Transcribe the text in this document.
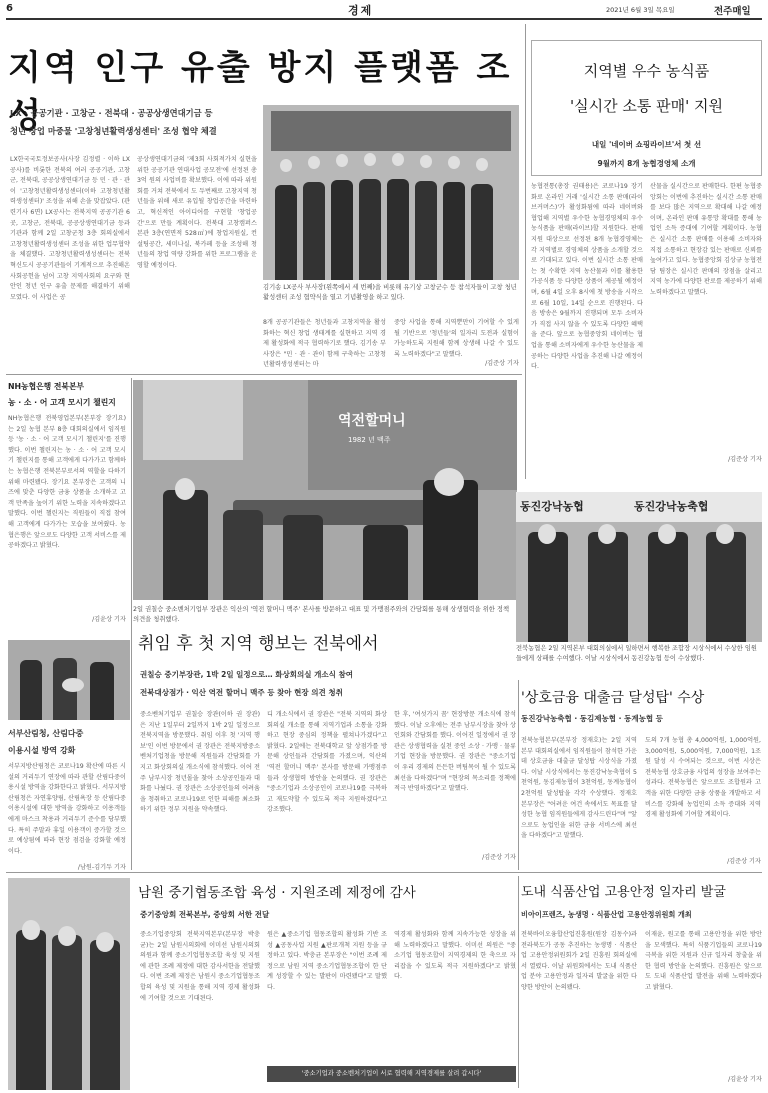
6	경제	2021년 6월 3일 목요일	전주매일
지역 인구 유출 방지 플랫폼 조성
LX · 공공기관 · 고창군 · 전북대 · 공공상생연대기금 등
청년 창업 마중물 '고창청년활력생성센터' 조성 협약 체결
LX한국국토정보공사(사장 김정렬 · 이하 LX공사)를 비롯한 전북의 여러 공공기관, 고창군, 전북대, 공공상생연대기금 등 민 · 관 · 관이 '고창청년활력생성센터(이하 고창청년활력생성센터)' 조성을 위해 손을 맞잡았다. (관련기사 6면) LX공사는 전북지역 공공기관 6곳, 고창군, 전북대, 공공상생연대기금 등과 기관과 함께 2일 고창군청 3층 회의실에서 고창청년활력생성센터 조성을 위한 업무협약을 체결했다. 고창청년활력생성센터는 전북혁신도시 공공기관들이 기계적으로 추진해온 사회공헌을 넘어 고창 지역사회의 요구와 현안인 청년 인구 유출 문제를 해결하기 위해 모였다. 이 사업은 공
공상생연대기금의 '제3회 사회적가치 실현을 위한 공공기관 연대사업 공모전'에 선정된 총 3억 원의 사업비를 확보했다. 이에 따라 위원회를 거쳐 전북에서 도 두번째로 고창지역 청년들을 위해 새로 유입될 창업공간을 마련하고, 혁신적인 아이디어를 구현할 '창업공간'으로 만들 계획이다. 전북대 고창캠퍼스 본관 3층(연면적 528㎡)에 창업지원실, 컨설팅공간, 세미나실, 북카페 등을 조성해 청년들의 창업 역량 강화를 위한 프로그램을 운영할 예정이다.
김기송 LX공사 부사장(왼쪽에서 세 번째)을 비롯해 유기상 고창군수 등 참석자들이 고창 청년 활성센터 조성 협약식을 열고 기념촬영을 하고 있다.
8개 공공기관들은 청년들과 고창지역을 활성화하는 혁신 창업 생태계를 실현하고 지역 경제 활성화에 적극 협력하기로 했다. 김기송 부사장은 "민 · 관 · 관이 함께 구축하는 고창청년활력생성센터는 마
중앙 사업을 통해 지역뿐만이 기여할 수 있게 될 기반으로 '청년들'의 일자리 도전과 실험이 가능하도록 지원해 함께 상생해 나갈 수 있도록 노력하겠다"고 말했다.
/김준상 기자
지역별 우수 농식품
'실시간 소통 판매' 지원
내일 '네이버 쇼핑라이브'서 첫 선
9월까지 8개 농협경영체 소개
농협전통(총장 권태용)은 코로나19 장기화로 온라인 거래 '실시간 소통 판매(라이브커머스)'가 활성화됨에 따라 네이버와 협업해 지역별 우수한 농협경영체의 우수농식품을 판매(라이브)할 지원한다. 판매 지원 대상으로 선정된 8개 농협경영체는 각 지역별로 경영체의 상품을 소개할 것으로 기대되고 있다. 이번 실시간 소통 판매는 첫 수확한 지역 농산물과 이를 활용한 가공식품 등 다양한 상품이 제공될 예정이며, 6월 4일 오후 8시에 첫 방송을 시작으로 6월 10일, 14일 순으로 진행된다. 다음 방송은 9월까지 진행되며 모두 소비자가 직접 사지 않을 수 있도록 다양한 혜택을 준다. 앞으로 농협중앙회 네이버는 협업을 통해 소비자에게 우수한 농산물을 제공하는 다양한 사업을 추진해 나갈 예정이다.
산물을 실시간으로 판매한다. 한편 농협중앙회는 이번에 추진하는 실시간 소통 판매를 보다 많은 지역으로 확대해 나갈 예정이며, 온라인 판매 유통망 확대를 통해 농업인 소득 증대에 기여할 계획이다. 농협은 실시간 소통 판매를 이용해 소비자와 직접 소통하고 현장감 있는 판매로 신뢰를 높여가고 있다. 농협중앙회 김상규 농협전담 팀장은 실시간 판매의 장점을 살리고 지역 농가에 다양한 판로를 제공하기 위해 노력하겠다고 말했다.
/김준상 기자
NH농협은행 전북본부
농 · 소 · 어 고객 모시기 챌린지
NH농협은행 전북영업본부(본부장 장기요)는 2일 농협 본부 8층 대회의실에서 임직원 등 '농 · 소 · 어 고객 모시기 챌린지'를 진행했다. 이번 챌린지는 농 · 소 · 어 고객 모시기 챌린지를 통해 고객에게 다가가고 함께하는 농협은행 전북본부로서의 역할을 다하기 위해 마련됐다. 장기요 본부장은 고객의 니즈에 맞춘 다양한 금융 상품을 소개하고 고객 만족을 높이기 위한 노력을 지속하겠다고 말했다. 이번 챌린지는 직원들이 직접 참여해 고객에게 다가가는 모습을 보여줬다. 농협은행은 앞으로도 다양한 고객 서비스를 제공하겠다고 밝혔다.
/김윤상 기자
역전할머니
1982 년 맥주
2일 권칠승 중소벤처기업부 장관은 익산의 '역전 할머니 맥주' 본사를 방문하고 대표 및 가맹점주와의 간담회를 통해 상생협력을 위한 정책 의견을 청취했다.
동진강낙농협	동진강낙농축협
전북농협은 2일 지역본부 대회의실에서 일하면서 행복한 조합장 시상식에서 수상한 임원들에게 상패를 수여했다. 이날 시상식에서 동진강농협 등이 수상했다.
취임 후 첫 지역 행보는 전북에서
권칠승 중기부장관, 1박 2일 일정으로… 화상회의실 개소식 참여
전북대상점가 · 익산 역전 할머니 맥주 등 찾아 현장 의견 청취
중소벤처기업부 권칠승 장관(이하 권 장관)은 지난 1일부터 2일까지 1박 2일 일정으로 전북지역을 방문했다. 취임 이후 첫 '지역 행보'인 이번 방문에서 권 장관은 전북지방중소벤처기업청을 방문해 직원들과 간담회를 가지고 화상회의실 개소식에 참석했다. 이어 전주 남부시장 청년몰을 찾아 소상공인들과 대화를 나눴다. 권 장관은 소상공인들의 어려움을 청취하고 코로나19로 인한 피해를 최소화하기 위한 정부 지원을 약속했다.
디 개소식에서 권 장관은 "전북 지역의 화상회의실 개소를 통해 지역기업과 소통을 강화하고 현장 중심의 정책을 펼쳐나가겠다"고 밝혔다. 2일에는 전북대학교 앞 상점가를 방문해 상인들과 간담회를 가졌으며, 익산의 '역전 할머니 맥주' 본사를 방문해 가맹점주들과 상생협력 방안을 논의했다. 권 장관은 "중소기업과 소상공인이 코로나19를 극복하고 재도약할 수 있도록 적극 지원하겠다"고 강조했다.
한 후, '여섯가지 꼼' 현장방문 개소식에 참석했다. 이날 오후에는 전주 남부시장을 찾아 상인회와 간담회를 했다. 이어진 일정에서 권 장관은 상생협력을 실천 중인 소상 · 가맹 · 물류 기업 현장을 방문했다. 권 장관은 "중소기업이 우리 경제의 든든한 버팀목이 될 수 있도록 최선을 다하겠다"며 "현장의 목소리를 정책에 적극 반영하겠다"고 말했다.
/김준상 기자
'상호금융 대출금 달성탑' 수상
동진강낙농축협 · 동김제농협 · 동계농협 등
전북농협본부(본부장 정재호)는 2일 지역본부 대회의실에서 임직원들이 참석한 가운데 상호금융 대출금 달성탑 시상식을 가졌다. 이날 시상식에서는 동진강낙농축협이 5천억원, 동김제농협이 3천억원, 동계농협이 2천억원 달성탑을 각각 수상했다. 정재호 본부장은 "어려운 여건 속에서도 목표를 달성한 농협 임직원들에게 감사드린다"며 "앞으로도 농업인을 위한 금융 서비스에 최선을 다하겠다"고 말했다.
도의 7개 농협 총 4,000억원, 1,000억원, 3,000억원, 5,000억원, 7,000억원, 1조원 달성 시 수여되는 것으로, 이번 시상은 전북농협 상호금융 사업의 성장을 보여주는 성과다. 전북농협은 앞으로도 조합원과 고객을 위한 다양한 금융 상품을 개발하고 서비스를 강화해 농업인의 소득 증대와 지역경제 활성화에 기여할 계획이다.
/김준상 기자
서부산림청, 산림다중
이용시설 방역 강화
서부지방산림청은 코로나19 확산에 따른 시설의 거리두기 연장에 따라 관할 산림다중이용시설 방역을 강화한다고 밝혔다. 서부지방산림청은 자연휴양림, 산림욕장 등 산림다중이용시설에 대한 방역을 강화하고 이용객들에게 마스크 착용과 거리두기 준수를 당부했다. 특히 주말과 휴일 이용객이 증가할 것으로 예상됨에 따라 현장 점검을 강화할 예정이다.
/남원-김기두 기자
남원 중기협동조합 육성 · 지원조례 제정에 감사
중기중앙회 전북본부, 중앙회 서한 전달
중소기업중앙회 전북지역본부(본부장 박충균)는 2일 남원시의회에 이미선 남원시의회 의원과 함께 중소기업협동조합 육성 및 지원에 관한 조례 제정에 대한 감사서한을 전달했다. 이번 조례 제정은 남원시 중소기업협동조합의 육성 및 지원을 통해 지역 경제 활성화에 기여할 것으로 기대된다.
원은 ▲중소기업 협동조합의 활성화 기반 조성 ▲공동사업 지원 ▲판로개척 지원 등을 규정하고 있다. 박충균 본부장은 "이번 조례 제정으로 남원 지역 중소기업협동조합이 한 단계 성장할 수 있는 발판이 마련됐다"고 말했다.
역경제 활성화와 함께 지속가능한 성장을 위해 노력하겠다고 말했다. 이미선 의원은 "중소기업 협동조합이 지역경제의 한 축으로 자리잡을 수 있도록 적극 지원하겠다"고 밝혔다.
'중소기업과 중소벤처기업이 서로 협력해 지역경제를 살려 갑시다'
도내 식품산업 고용안정 일자리 발굴
비아이프렌즈, 농생명 · 식품산업 고용안정위원회 개최
전북바이오융합산업진흥원(원장 김동수)과 전라북도가 공동 추진하는 농생명 · 식품산업 고용안정위원회가 2일 진흥원 회의실에서 열렸다. 이날 위원회에서는 도내 식품산업 분야 고용안정과 일자리 발굴을 위한 다양한 방안이 논의됐다.
이재윤, 원고를 통해 고용안정을 위한 방안을 모색했다. 특히 식품기업들의 코로나19 극복을 위한 지원과 신규 일자리 창출을 위한 협력 방안을 논의했다. 진흥원은 앞으로도 도내 식품산업 발전을 위해 노력하겠다고 밝혔다.
/김윤상 기자
